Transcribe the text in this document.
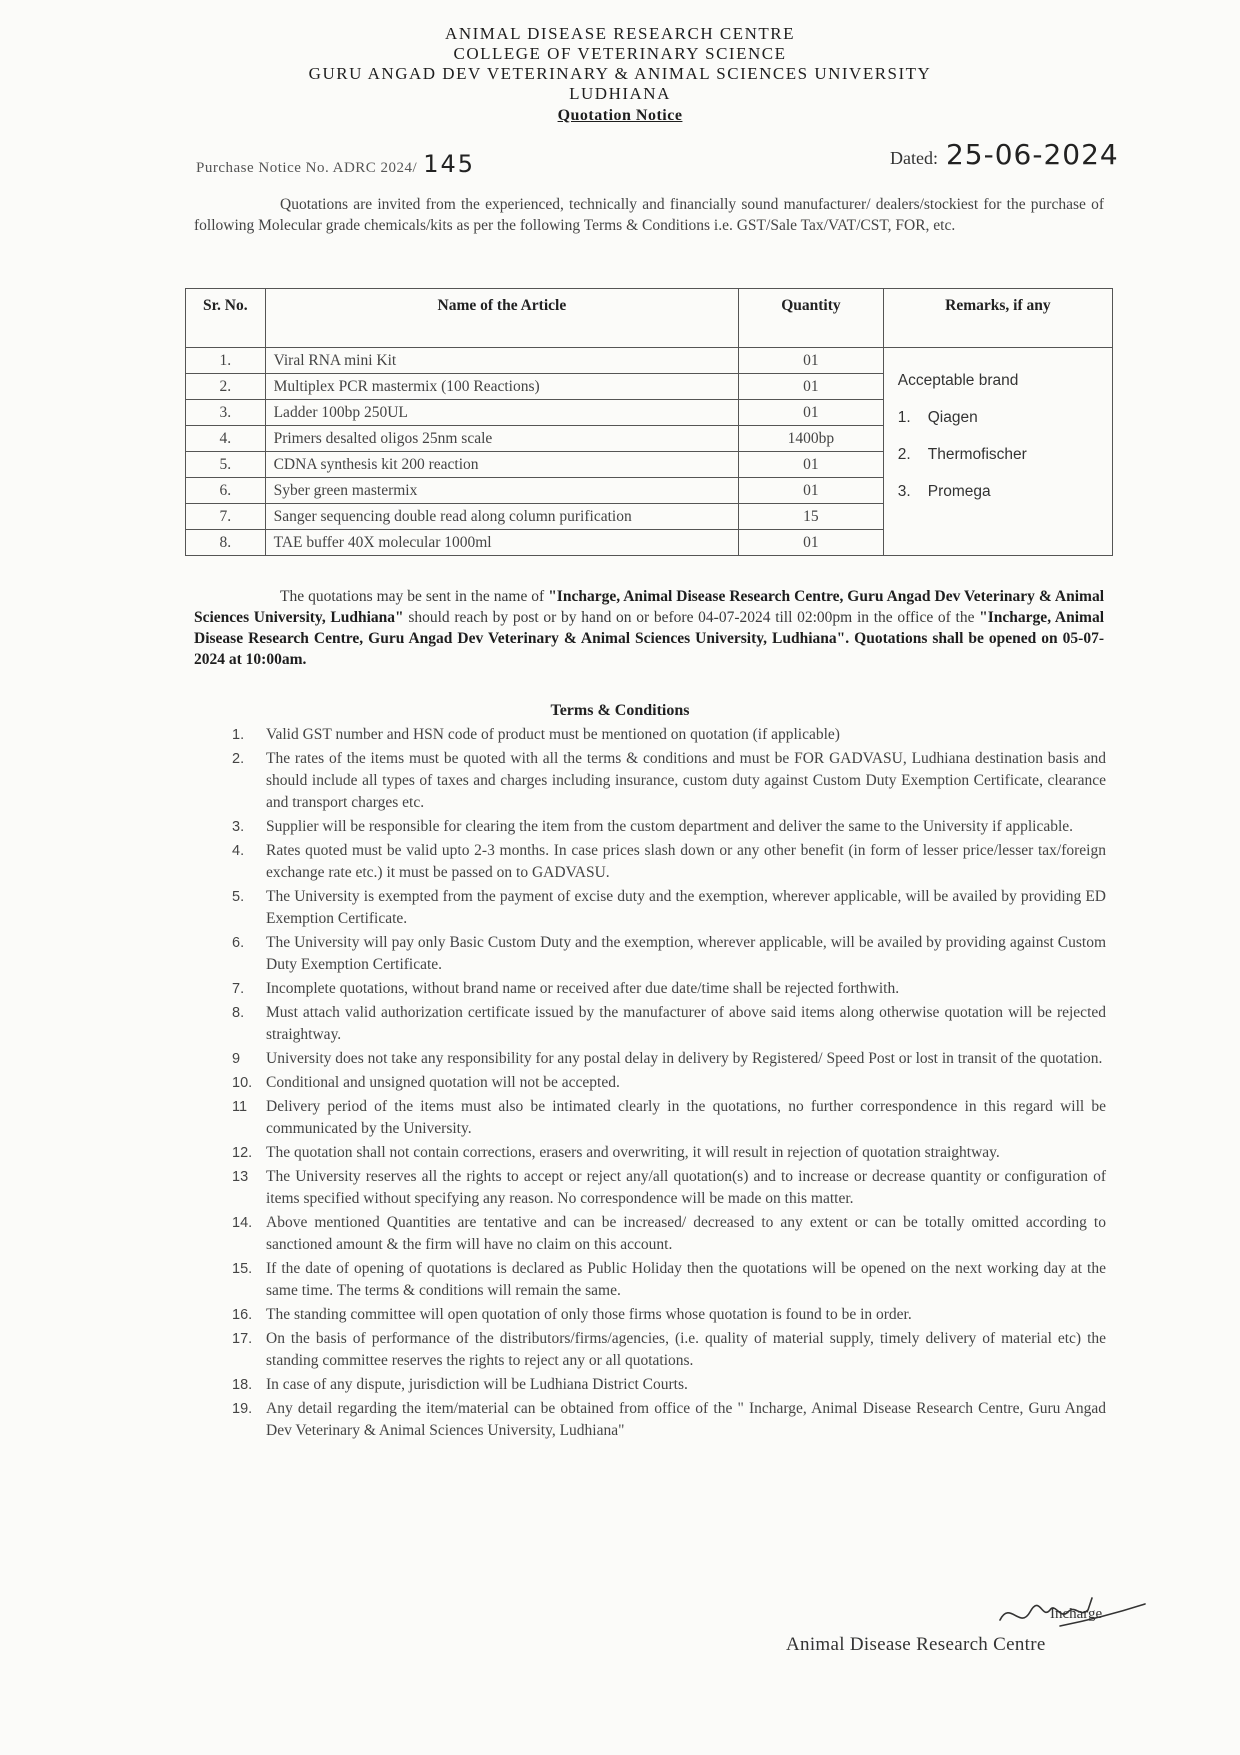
ANIMAL DISEASE RESEARCH CENTRE
COLLEGE OF VETERINARY SCIENCE
GURU ANGAD DEV VETERINARY & ANIMAL SCIENCES UNIVERSITY
LUDHIANA
Quotation Notice
Purchase Notice No. ADRC 2024/ 145	Dated: 25-06-2024
Quotations are invited from the experienced, technically and financially sound manufacturer/ dealers/stockiest for the purchase of following Molecular grade chemicals/kits as per the following Terms & Conditions i.e. GST/Sale Tax/VAT/CST, FOR, etc.
Sr. No.	Name of the Article	Quantity	Remarks, if any
1.	Viral RNA mini Kit	01	Acceptable brand
1. Qiagen
2. Thermofischer
3. Promega

2.	Multiplex PCR mastermix (100 Reactions)	01	
3.	Ladder 100bp 250UL	01	
4.	Primers desalted oligos 25nm scale	1400bp	
5.	CDNA synthesis kit 200 reaction	01	
6.	Syber green mastermix	01	
7.	Sanger sequencing double read along column purification	15	
8.	TAE buffer 40X molecular 1000ml	01	
The quotations may be sent in the name of "Incharge, Animal Disease Research Centre, Guru Angad Dev Veterinary & Animal Sciences University, Ludhiana" should reach by post or by hand on or before 04-07-2024 till 02:00pm in the office of the "Incharge, Animal Disease Research Centre, Guru Angad Dev Veterinary & Animal Sciences University, Ludhiana". Quotations shall be opened on 05-07-2024 at 10:00am.
Terms & Conditions
1. Valid GST number and HSN code of product must be mentioned on quotation (if applicable)
2. The rates of the items must be quoted with all the terms & conditions and must be FOR GADVASU, Ludhiana destination basis and should include all types of taxes and charges including insurance, custom duty against Custom Duty Exemption Certificate, clearance and transport charges etc.
3. Supplier will be responsible for clearing the item from the custom department and deliver the same to the University if applicable.
4. Rates quoted must be valid upto 2-3 months. In case prices slash down or any other benefit (in form of lesser price/lesser tax/foreign exchange rate etc.) it must be passed on to GADVASU.
5. The University is exempted from the payment of excise duty and the exemption, wherever applicable, will be availed by providing ED Exemption Certificate.
6. The University will pay only Basic Custom Duty and the exemption, wherever applicable, will be availed by providing against Custom Duty Exemption Certificate.
7. Incomplete quotations, without brand name or received after due date/time shall be rejected forthwith.
8. Must attach valid authorization certificate issued by the manufacturer of above said items along otherwise quotation will be rejected straightway.
9 University does not take any responsibility for any postal delay in delivery by Registered/ Speed Post or lost in transit of the quotation.
10. Conditional and unsigned quotation will not be accepted.
11 Delivery period of the items must also be intimated clearly in the quotations, no further correspondence in this regard will be communicated by the University.
12. The quotation shall not contain corrections, erasers and overwriting, it will result in rejection of quotation straightway.
13 The University reserves all the rights to accept or reject any/all quotation(s) and to increase or decrease quantity or configuration of items specified without specifying any reason. No correspondence will be made on this matter.
14. Above mentioned Quantities are tentative and can be increased/ decreased to any extent or can be totally omitted according to sanctioned amount & the firm will have no claim on this account.
15. If the date of opening of quotations is declared as Public Holiday then the quotations will be opened on the next working day at the same time. The terms & conditions will remain the same.
16. The standing committee will open quotation of only those firms whose quotation is found to be in order.
17. On the basis of performance of the distributors/firms/agencies, (i.e. quality of material supply, timely delivery of material etc) the standing committee reserves the rights to reject any or all quotations.
18. In case of any dispute, jurisdiction will be Ludhiana District Courts.
19. Any detail regarding the item/material can be obtained from office of the " Incharge, Animal Disease Research Centre, Guru Angad Dev Veterinary & Animal Sciences University, Ludhiana"
Incharge
Animal Disease Research Centre
